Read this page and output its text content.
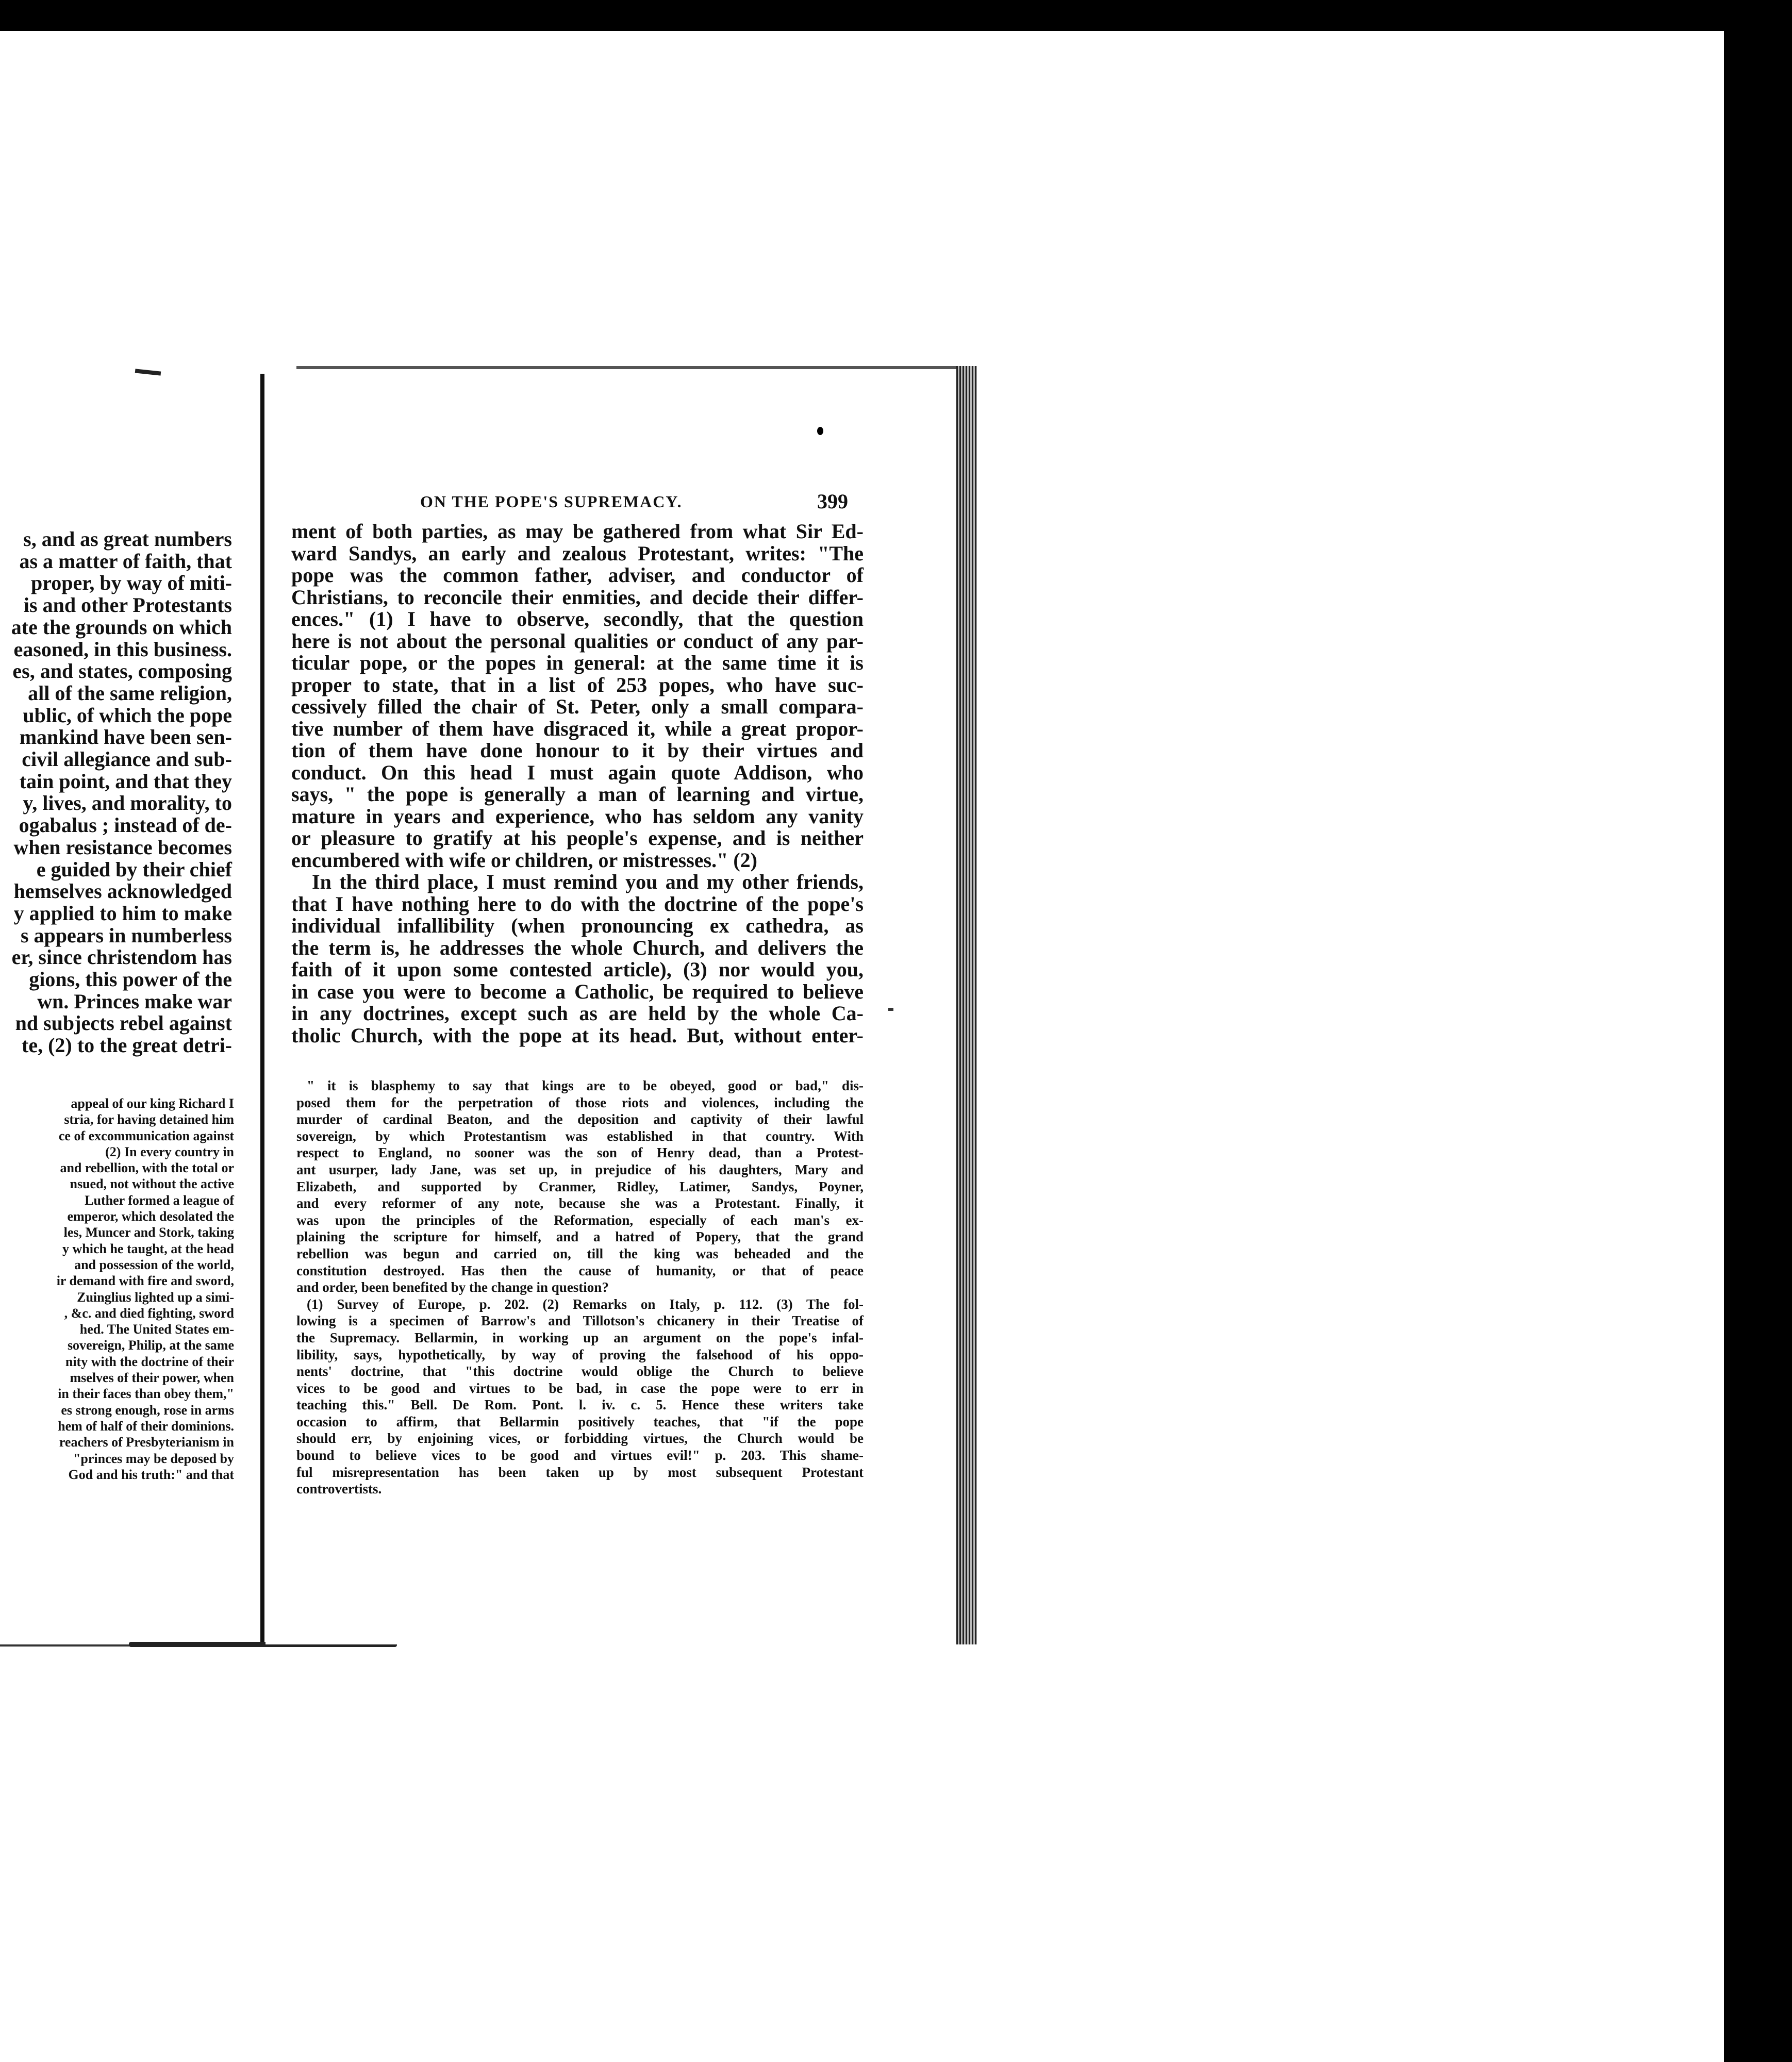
s, and as great numbers
as a matter of faith, that
proper, by way of miti-
is and other Protestants
ate the grounds on which
easoned, in this business.
es, and states, composing
all of the same religion,
ublic, of which the pope
mankind have been sen-
civil allegiance and sub-
tain point, and that they
y, lives, and morality, to
ogabalus ; instead of de-
when resistance becomes
e guided by their chief
hemselves acknowledged
y applied to him to make
s appears in numberless
er, since christendom has
gions, this power of the
wn. Princes make war
nd subjects rebel against
te, (2) to the great detri-
appeal of our king Richard I
stria, for having detained him
ce of excommunication against
(2) In every country in
and rebellion, with the total or
nsued, not without the active
Luther formed a league of
emperor, which desolated the
les, Muncer and Stork, taking
y which he taught, at the head
and possession of the world,
ir demand with fire and sword,
Zuinglius lighted up a simi-
, &c. and died fighting, sword
hed. The United States em-
sovereign, Philip, at the same
nity with the doctrine of their
mselves of their power, when
in their faces than obey them,"
es strong enough, rose in arms
hem of half of their dominions.
reachers of Presbyterianism in
"princes may be deposed by
God and his truth:" and that
ON THE POPE'S SUPREMACY.	399
ment of both parties, as may be gathered from what Sir Ed-
ward Sandys, an early and zealous Protestant, writes: "The
pope was the common father, adviser, and conductor of
Christians, to reconcile their enmities, and decide their differ-
ences." (1) I have to observe, secondly, that the question
here is not about the personal qualities or conduct of any par-
ticular pope, or the popes in general: at the same time it is
proper to state, that in a list of 253 popes, who have suc-
cessively filled the chair of St. Peter, only a small compara-
tive number of them have disgraced it, while a great propor-
tion of them have done honour to it by their virtues and
conduct. On this head I must again quote Addison, who
says, " the pope is generally a man of learning and virtue,
mature in years and experience, who has seldom any vanity
or pleasure to gratify at his people's expense, and is neither
encumbered with wife or children, or mistresses." (2)
In the third place, I must remind you and my other friends,
that I have nothing here to do with the doctrine of the pope's
individual infallibility (when pronouncing ex cathedra, as
the term is, he addresses the whole Church, and delivers the
faith of it upon some contested article), (3) nor would you,
in case you were to become a Catholic, be required to believe
in any doctrines, except such as are held by the whole Ca-
tholic Church, with the pope at its head. But, without enter-
" it is blasphemy to say that kings are to be obeyed, good or bad," dis-
posed them for the perpetration of those riots and violences, including the
murder of cardinal Beaton, and the deposition and captivity of their lawful
sovereign, by which Protestantism was established in that country. With
respect to England, no sooner was the son of Henry dead, than a Protest-
ant usurper, lady Jane, was set up, in prejudice of his daughters, Mary and
Elizabeth, and supported by Cranmer, Ridley, Latimer, Sandys, Poyner,
and every reformer of any note, because she was a Protestant. Finally, it
was upon the principles of the Reformation, especially of each man's ex-
plaining the scripture for himself, and a hatred of Popery, that the grand
rebellion was begun and carried on, till the king was beheaded and the
constitution destroyed. Has then the cause of humanity, or that of peace
and order, been benefited by the change in question?
(1) Survey of Europe, p. 202. (2) Remarks on Italy, p. 112. (3) The fol-
lowing is a specimen of Barrow's and Tillotson's chicanery in their Treatise of
the Supremacy. Bellarmin, in working up an argument on the pope's infal-
libility, says, hypothetically, by way of proving the falsehood of his oppo-
nents' doctrine, that "this doctrine would oblige the Church to believe
vices to be good and virtues to be bad, in case the pope were to err in
teaching this." Bell. De Rom. Pont. l. iv. c. 5. Hence these writers take
occasion to affirm, that Bellarmin positively teaches, that "if the pope
should err, by enjoining vices, or forbidding virtues, the Church would be
bound to believe vices to be good and virtues evil!" p. 203. This shame-
ful misrepresentation has been taken up by most subsequent Protestant
controvertists.
